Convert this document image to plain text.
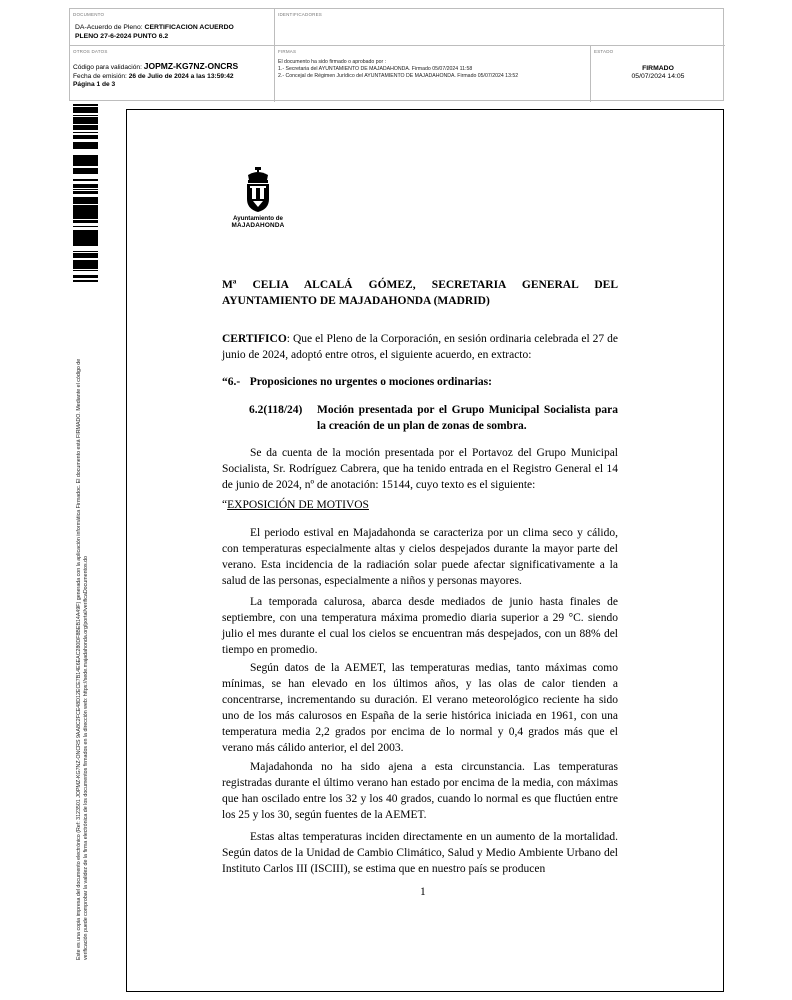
DOCUMENTO
DA-Acuerdo de Pleno: CERTIFICACION ACUERDO
PLENO 27-6-2024 PUNTO 6.2
IDENTIFICADORES
OTROS DATOS
Código para validación: JOPMZ-KG7NZ-ONCRS
Fecha de emisión: 26 de Julio de 2024 a las 13:59:42
Página 1 de 3
FIRMAS
El documento ha sido firmado o aprobado por :
1.- Secretaria del AYUNTAMIENTO DE MAJADAHONDA. Firmado 05/07/2024 11:58
2.- Concejal de Régimen Jurídico del AYUNTAMIENTO DE MAJADAHONDA. Firmado 05/07/2024 13:52
ESTADO
FIRMADO
05/07/2024 14:05
Este es una copia impresa del documento electrónico (Ref: 3123501 JOPMZ-KG7NZ-ONCRS 9AA8C2FCE48D12ECE7B14E6EAC280DF8BEB14A49F) generada con la aplicación informática Firmadoc. El documento está FIRMADO. Mediante el código de verificación puede comprobar la validez de la firma electrónica de los documentos firmados en la dirección web: https://sede.majadahonda.org/portal/verificaDocumentos.do
Ayuntamiento de
MAJADAHONDA
Mª CELIA ALCALÁ GÓMEZ, SECRETARIA GENERAL DEL
AYUNTAMIENTO DE MAJADAHONDA (MADRID)
CERTIFICO: Que el Pleno de la Corporación, en sesión ordinaria celebrada el 27 de junio de 2024, adoptó entre otros, el siguiente acuerdo, en extracto:
“6.- Proposiciones no urgentes o mociones ordinarias:
6.2(118/24) Moción presentada por el Grupo Municipal Socialista para la creación de un plan de zonas de sombra.
Se da cuenta de la moción presentada por el Portavoz del Grupo Municipal Socialista, Sr. Rodríguez Cabrera, que ha tenido entrada en el Registro General el 14 de junio de 2024, nº de anotación: 15144, cuyo texto es el siguiente:
“EXPOSICIÓN DE MOTIVOS
El periodo estival en Majadahonda se caracteriza por un clima seco y cálido, con temperaturas especialmente altas y cielos despejados durante la mayor parte del verano. Esta incidencia de la radiación solar puede afectar significativamente a la salud de las personas, especialmente a niños y personas mayores.
La temporada calurosa, abarca desde mediados de junio hasta finales de septiembre, con una temperatura máxima promedio diaria superior a 29 °C. siendo julio el mes durante el cual los cielos se encuentran más despejados, con un 88% del tiempo en promedio.
Según datos de la AEMET, las temperaturas medias, tanto máximas como mínimas, se han elevado en los últimos años, y las olas de calor tienden a concentrarse, incrementando su duración. El verano meteorológico reciente ha sido uno de los más calurosos en España de la serie histórica iniciada en 1961, con una temperatura media 2,2 grados por encima de lo normal y 0,4 grados más que el verano más cálido anterior, el del 2003.
Majadahonda no ha sido ajena a esta circunstancia. Las temperaturas registradas durante el último verano han estado por encima de la media, con máximas que han oscilado entre los 32 y los 40 grados, cuando lo normal es que fluctúen entre los 25 y los 30, según fuentes de la AEMET.
Estas altas temperaturas inciden directamente en un aumento de la mortalidad. Según datos de la Unidad de Cambio Climático, Salud y Medio Ambiente Urbano del Instituto Carlos III (ISCIII), se estima que en nuestro país se producen
1
